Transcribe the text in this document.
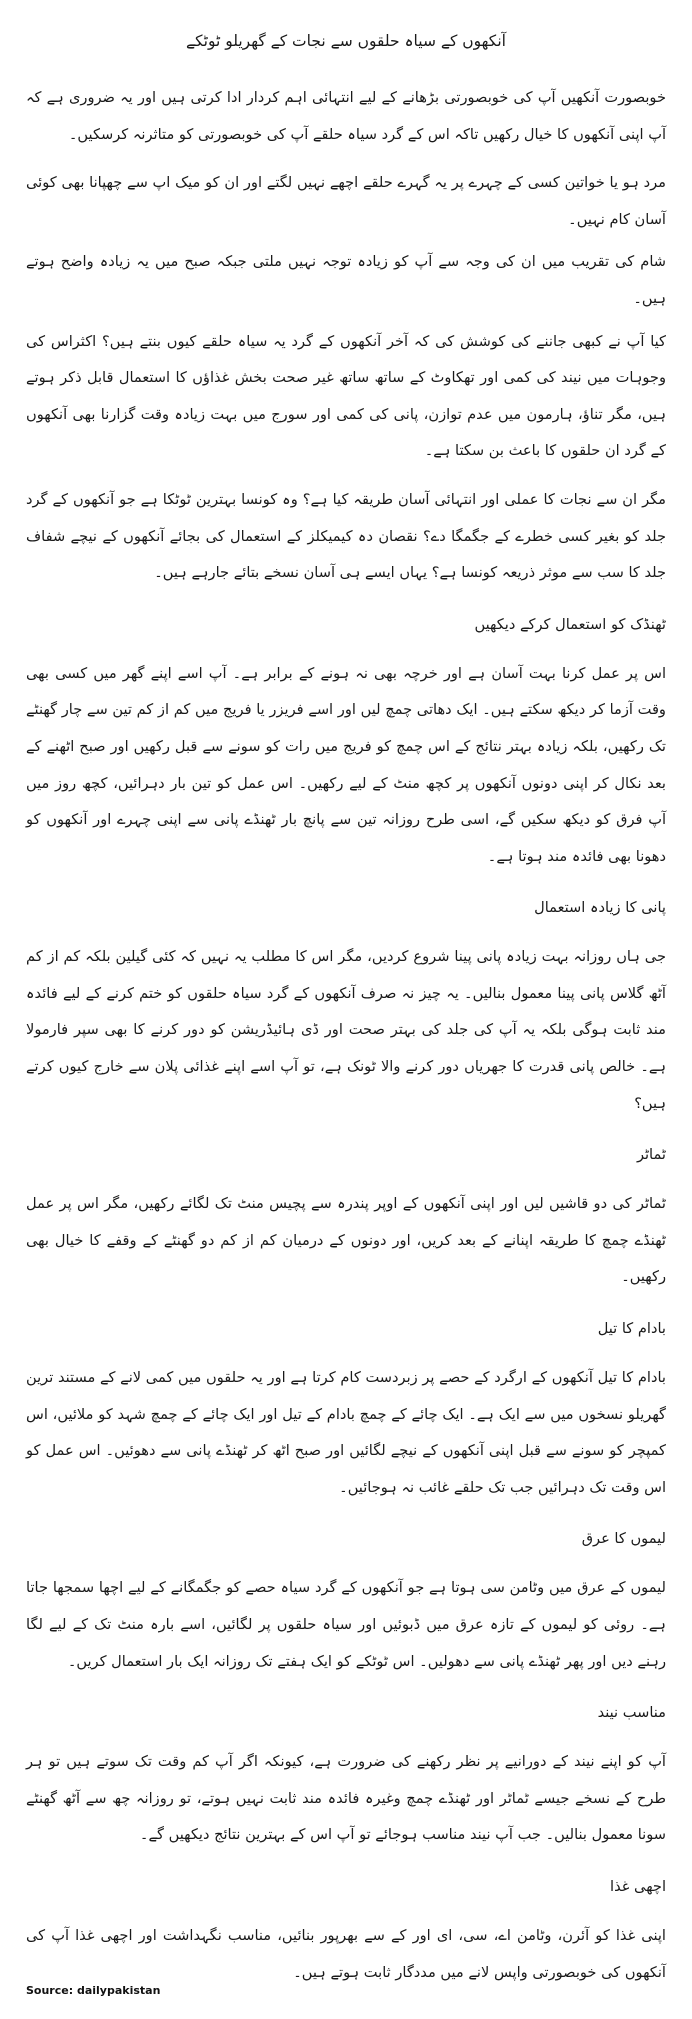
آنکھوں کے سیاہ حلقوں سے نجات کے گھریلو ٹوٹکے

خوبصورت آنکھیں آپ کی خوبصورتی بڑھانے کے لیے انتہائی اہم کردار ادا کرتی ہیں اور یہ ضروری ہے کہ آپ اپنی آنکھوں کا خیال رکھیں تاکہ اس کے گرد سیاہ حلقے آپ کی خوبصورتی کو متاثرنہ کرسکیں۔

مرد ہو یا خواتین کسی کے چہرے پر یہ گہرے حلقے اچھے نہیں لگتے اور ان کو میک اپ سے چھپانا بھی کوئی آسان کام نہیں۔

شام کی تقریب میں ان کی وجہ سے آپ کو زیادہ توجہ نہیں ملتی جبکہ صبح میں یہ زیادہ واضح ہوتے ہیں۔

کیا آپ نے کبھی جاننے کی کوشش کی کہ آخر آنکھوں کے گرد یہ سیاہ حلقے کیوں بنتے ہیں؟ اکثراس کی وجوہات میں نیند کی کمی اور تھکاوٹ کے ساتھ ساتھ غیر صحت بخش غذاﺅں کا استعمال قابل ذکر ہوتے ہیں، مگر تناﺅ، ہارمون میں عدم توازن، پانی کی کمی اور سورج میں بہت زیادہ وقت گزارنا بھی آنکھوں کے گرد ان حلقوں کا باعث بن سکتا ہے۔

مگر ان سے نجات کا عملی اور انتہائی آسان طریقہ کیا ہے؟ وہ کونسا بہترین ٹوٹکا ہے جو آنکھوں کے گرد جلد کو بغیر کسی خطرے کے جگمگا دے؟ نقصان دہ کیمیکلز کے استعمال کی بجائے آنکھوں کے نیچے شفاف جلد کا سب سے موثر ذریعہ کونسا ہے؟ یہاں ایسے ہی آسان نسخے بتائے جارہے ہیں۔

ٹھنڈک کو استعمال کرکے دیکھیں

اس پر عمل کرنا بہت آسان ہے اور خرچہ بھی نہ ہونے کے برابر ہے۔ آپ اسے اپنے گھر میں کسی بھی وقت آزما کر دیکھ سکتے ہیں۔ ایک دھاتی چمچ لیں اور اسے فریزر یا فریج میں کم از کم تین سے چار گھنٹے تک رکھیں، بلکہ زیادہ بہتر نتائج کے اس چمچ کو فریج میں رات کو سونے سے قبل رکھیں اور صبح اٹھنے کے بعد نکال کر اپنی دونوں آنکھوں پر کچھ منٹ کے لیے رکھیں۔ اس عمل کو تین بار دہرائیں، کچھ روز میں آپ فرق کو دیکھ سکیں گے، اسی طرح روزانہ تین سے پانچ بار ٹھنڈے پانی سے اپنی چہرے اور آنکھوں کو دھونا بھی فائدہ مند ہوتا ہے۔

پانی کا زیادہ استعمال

جی ہاں روزانہ بہت زیادہ پانی پینا شروع کردیں، مگر اس کا مطلب یہ نہیں کہ کئی گیلین بلکہ کم از کم آٹھ گلاس پانی پینا معمول بنالیں۔ یہ چیز نہ صرف آنکھوں کے گرد سیاہ حلقوں کو ختم کرنے کے لیے فائدہ مند ثابت ہوگی بلکہ یہ آپ کی جلد کی بہتر صحت اور ڈی ہائیڈریشن کو دور کرنے کا بھی سپر فارمولا ہے۔ خالص پانی قدرت کا جھریاں دور کرنے والا ٹونک ہے، تو آپ اسے اپنے غذائی پلان سے خارج کیوں کرتے ہیں؟

ٹماٹر

ٹماٹر کی دو قاشیں لیں اور اپنی آنکھوں کے اوپر پندرہ سے پچیس منٹ تک لگائے رکھیں، مگر اس پر عمل ٹھنڈے چمچ کا طریقہ اپنانے کے بعد کریں، اور دونوں کے درمیان کم از کم دو گھنٹے کے وقفے کا خیال بھی رکھیں۔

بادام کا تیل

بادام کا تیل آنکھوں کے ارگرد کے حصے پر زبردست کام کرتا ہے اور یہ حلقوں میں کمی لانے کے مستند ترین گھریلو نسخوں میں سے ایک ہے۔ ایک چائے کے چمچ بادام کے تیل اور ایک چائے کے چمچ شہد کو ملائیں، اس کمپچر کو سونے سے قبل اپنی آنکھوں کے نیچے لگائیں اور صبح اٹھ کر ٹھنڈے پانی سے دھوئیں۔ اس عمل کو اس وقت تک دہرائیں جب تک حلقے غائب نہ ہوجائیں۔

لیموں کا عرق

لیموں کے عرق میں وٹامن سی ہوتا ہے جو آنکھوں کے گرد سیاہ حصے کو جگمگانے کے لیے اچھا سمجھا جاتا ہے۔ روئی کو لیموں کے تازہ عرق میں ڈبوئیں اور سیاہ حلقوں پر لگائیں، اسے بارہ منٹ تک کے لیے لگا رہنے دیں اور پھر ٹھنڈے پانی سے دھولیں۔ اس ٹوٹکے کو ایک ہفتے تک روزانہ ایک بار استعمال کریں۔

مناسب نیند

آپ کو اپنے نیند کے دورانیے پر نظر رکھنے کی ضرورت ہے، کیونکہ اگر آپ کم وقت تک سوتے ہیں تو ہر طرح کے نسخے جیسے ٹماٹر اور ٹھنڈے چمچ وغیرہ فائدہ مند ثابت نہیں ہوتے، تو روزانہ چھ سے آٹھ گھنٹے سونا معمول بنالیں۔ جب آپ نیند مناسب ہوجائے تو آپ اس کے بہترین نتائج دیکھیں گے۔

اچھی غذا

اپنی غذا کو آئرن، وٹامن اے، سی، ای اور کے سے بھرپور بنائیں، مناسب نگہداشت اور اچھی غذا آپ کی آنکھوں کی خوبصورتی واپس لانے میں مددگار ثابت ہوتے ہیں۔

Source: dailypakistan
